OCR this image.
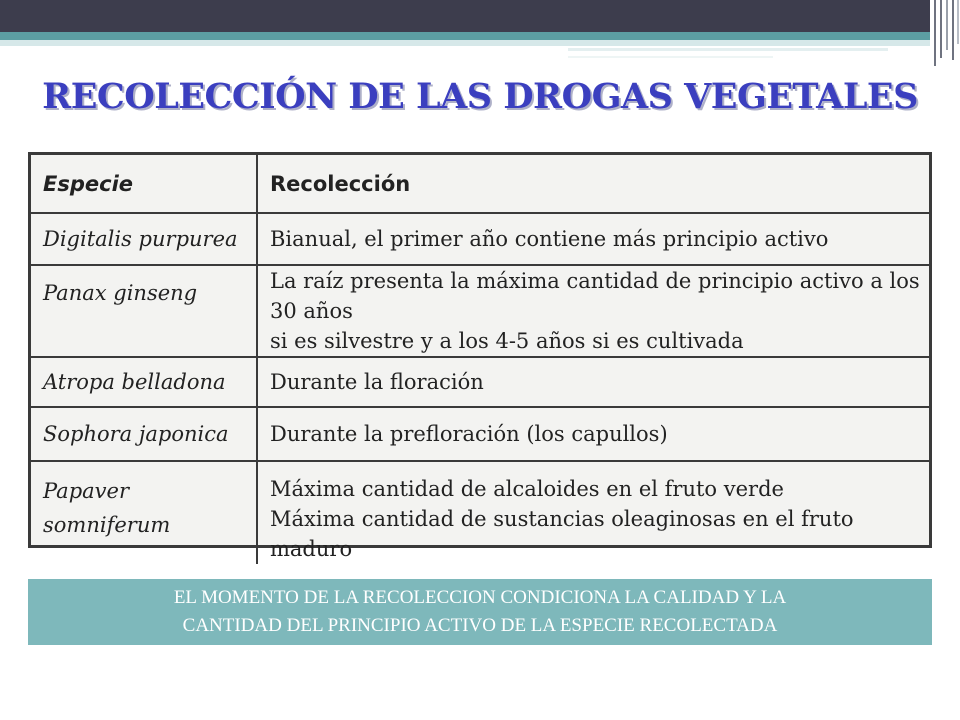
RECOLECCIÓN DE LAS DROGAS VEGETALES
Especie	Recolección
Digitalis purpurea	Bianual, el primer año contiene más principio activo

Panax ginseng	La raíz presenta la máxima cantidad de principio activo a los 30 años
si es silvestre y a los 4-5 años si es cultivada

Atropa belladona	Durante la floración

Sophora japonica	Durante la prefloración (los capullos)

Papaver somniferum	Máxima cantidad de alcaloides en el fruto verde
Máxima cantidad de sustancias oleaginosas en el fruto maduro
EL MOMENTO DE LA RECOLECCION CONDICIONA LA CALIDAD Y LA
CANTIDAD DEL PRINCIPIO ACTIVO DE LA ESPECIE RECOLECTADA
